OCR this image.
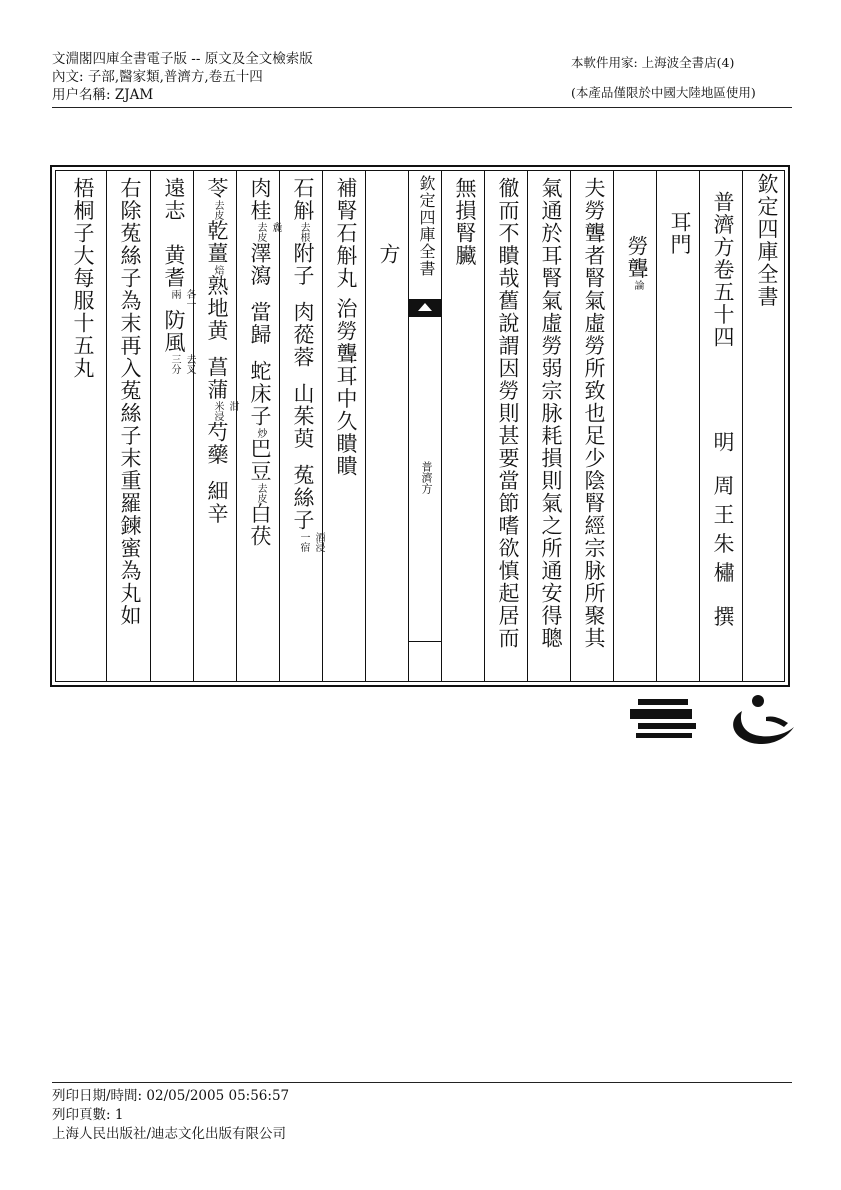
文淵閣四庫全書電子版 -- 原文及全文檢索版
內文: 子部,醫家類,普濟方,卷五十四
用户名稱: ZJAM
本軟件用家: 上海波全書店(4)
(本產品僅限於中國大陸地區使用)
梧桐子大每服十五丸 右除菟絲子為末再入菟絲子末重羅鍊蜜為丸如 遠志黄耆各一
兩防風去叉
三分
苓去皮乾薑焙熟地黄菖蒲泔
米浸芍藥細辛
肉桂麁
去皮澤瀉當歸蛇床子炒巴豆去皮白茯
石斛去根附子肉蓯蓉山茱萸菟絲子酒浸
一宿
補腎石斛丸 治勞聾耳中久瞶瞶 方 欽定四庫全書
普濟方
無損腎臟 徹而不瞶哉舊說謂因勞則甚要當節嗜欲慎起居而 氣通於耳腎氣虛勞弱宗脉耗損則氣之所通安得聰 夫勞聾者腎氣虛勞所致也足少陰腎經宗脉所聚其 勞聾論
耳門 普濟方卷五十四
明 周王朱橚 撰
欽定四庫全書
列印日期/時間: 02/05/2005 05:56:57
列印頁數: 1
上海人民出版社/迪志文化出版有限公司
